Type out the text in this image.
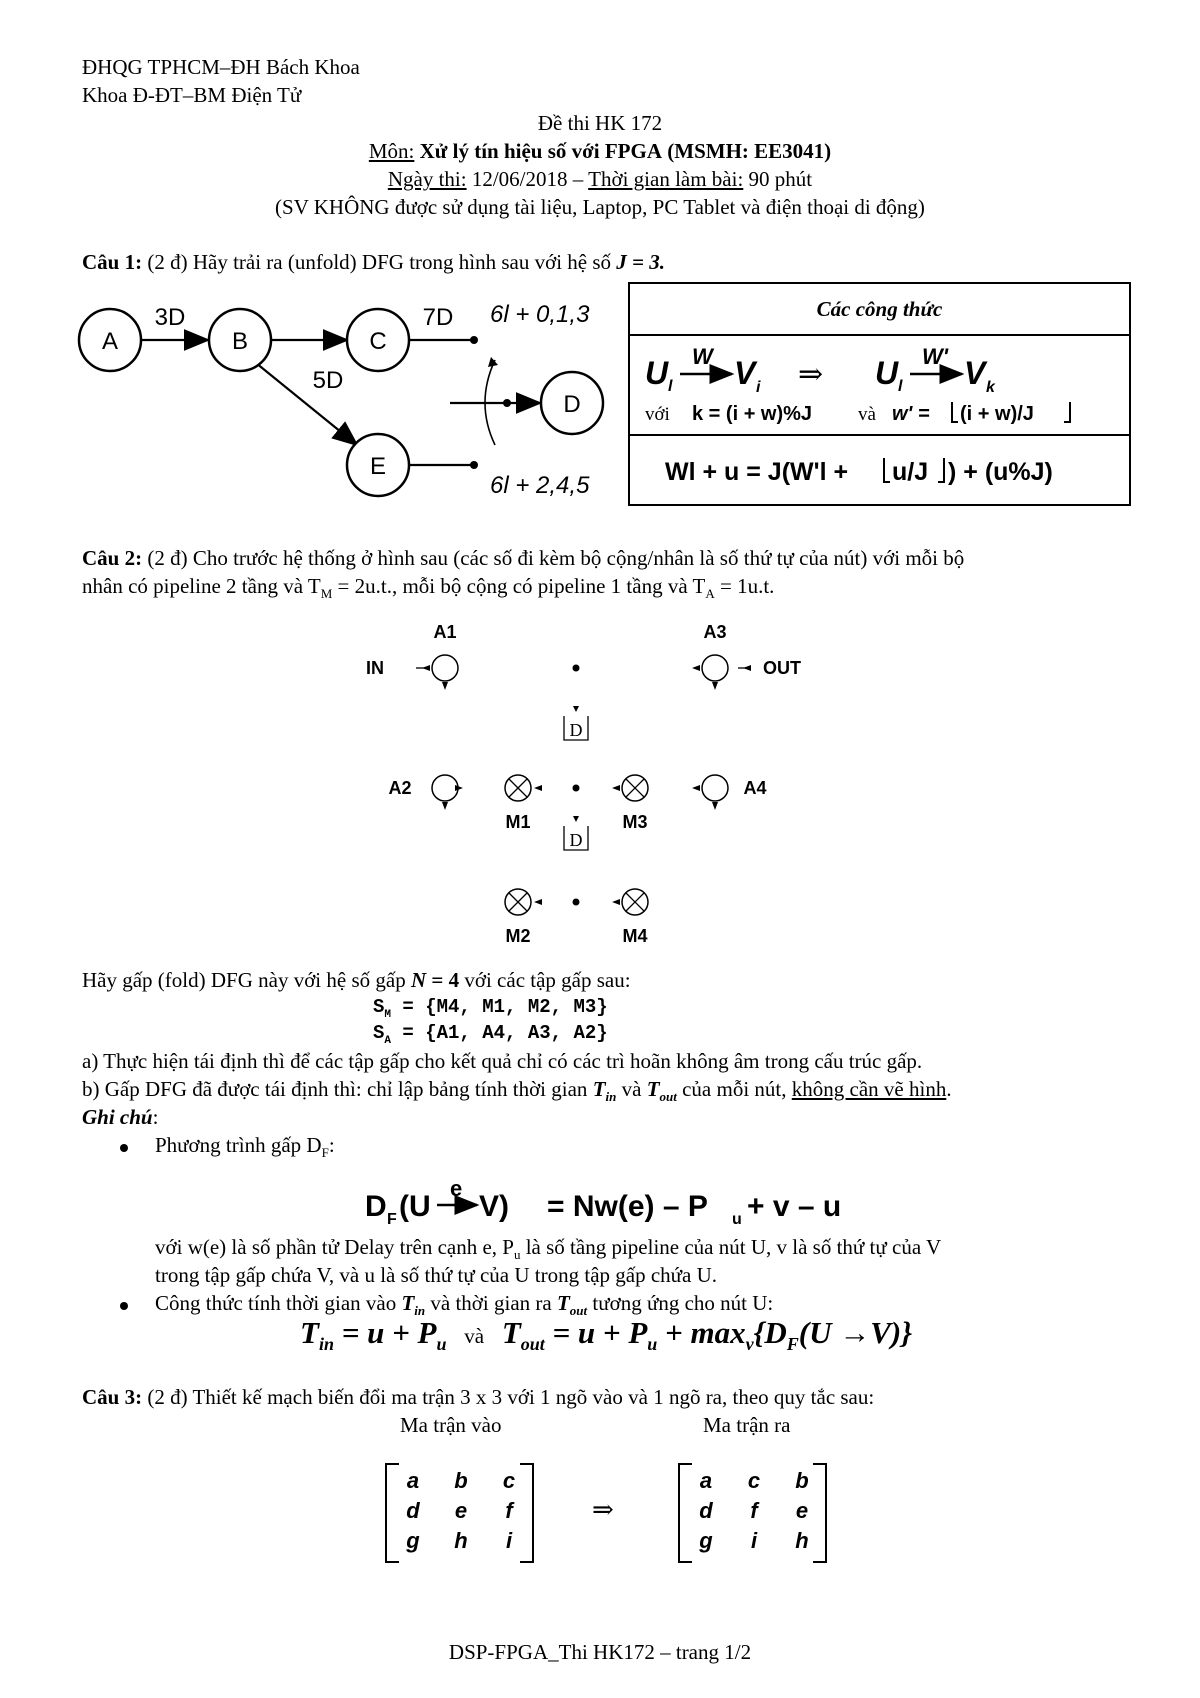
ĐHQG TPHCM–ĐH Bách Khoa
Khoa Đ-ĐT–BM Điện Tử
Đề thi HK 172
Môn: Xử lý tín hiệu số với FPGA (MSMH: EE3041)
Ngày thi: 12/06/2018 – Thời gian làm bài: 90 phút
(SV KHÔNG được sử dụng tài liệu, Laptop, PC Tablet và điện thoại di động)
Câu 1: (2 đ) Hãy trải ra (unfold) DFG trong hình sau với hệ số J = 3.
A	B	C
D
E
3D	7D
5D
6l + 0,1,3
6l + 2,4,5
Các công thức
U l
W V i ⇒ U l
W' V k
với k = (i + w)%J và w' = (i + w)/J
Wl + u = J(W'l + u/J ) + (u%J)
Câu 2: (2 đ) Cho trước hệ thống ở hình sau (các số đi kèm bộ cộng/nhân là số thứ tự của nút) với mỗi bộ
nhân có pipeline 2 tầng và $T_M = 2u.t$., mỗi bộ cộng có pipeline 1 tầng và $T_A = 1u.t$.
D
D
A1	A3
A2	A4
IN	OUT
M1	M3
M2	M4
Hãy gấp (fold) DFG này với hệ số gấp N = 4 với các tập gấp sau:
$S_M = \{M4$, M1, M2, M3}
$S_A = \{A1$, A4, A3, A2}
a) Thực hiện tái định thì để các tập gấp cho kết quả chỉ có các trì hoãn không âm trong cấu trúc gấp.
b) Gấp DFG đã được tái định thì: chỉ lập bảng tính thời gian $T_{in}$ và $T_{out}$ của mỗi nút, không cần vẽ hình.
Ghi chú:
Phương trình gấp $D_F$:
D F (U
e
V) = Nw(e) – P u + v – u
với w(e) là số phần tử Delay trên cạnh e, $P_u$ là số tầng pipeline của nút U, v là số thứ tự của V
trong tập gấp chứa V, và u là số thứ tự của U trong tập gấp chứa U.
Công thức tính thời gian vào $T_{in}$ và thời gian ra $T_{out}$ tương ứng cho nút U:
$T_{in} = u + P_u$ và $T_{out} = u + P_u + \max_v\{D_F(U \to V)\}$
Câu 3: (2 đ) Thiết kế mạch biến đổi ma trận 3 x 3 với 1 ngõ vào và 1 ngõ ra, theo quy tắc sau:
Ma trận vào	Ma trận ra
a	b	c
d	e	f
g	h	i
⇒
a	c	b
d	f	e
g	i	h
DSP-FPGA_Thi HK172 – trang 1/2
